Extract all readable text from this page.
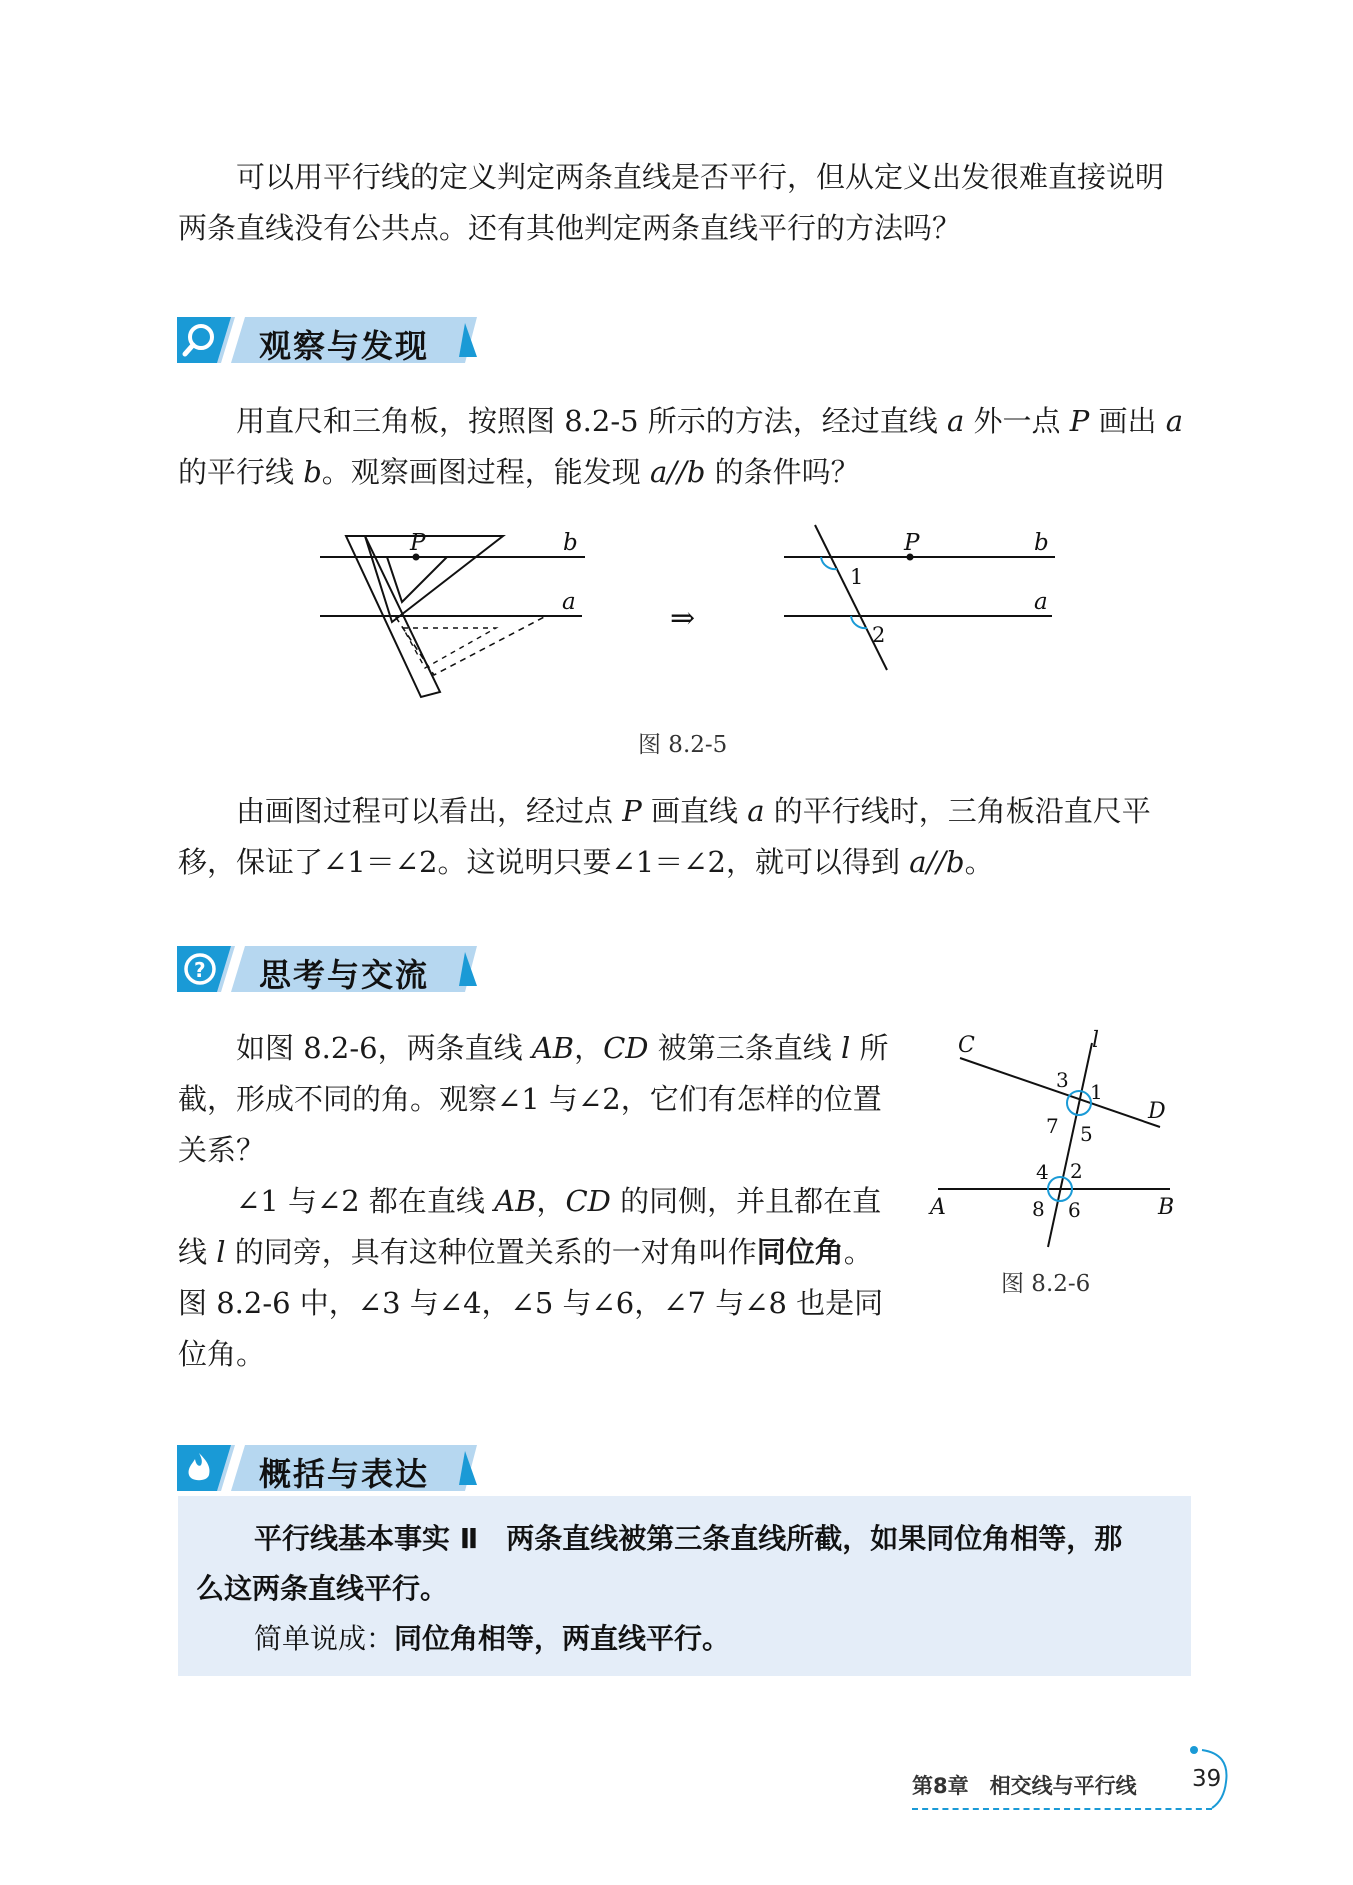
可以用平行线的定义判定两条直线是否平行，但从定义出发很难直接说明
两条直线没有公共点。还有其他判定两条直线平行的方法吗？
观察与发现
用直尺和三角板，按照图 8.2-5 所示的方法，经过直线 a 外一点 P 画出 a
的平行线 b。观察画图过程，能发现 a//b 的条件吗？
P	b
a	⇒
P	b
a
1
2
图 8.2-5
由画图过程可以看出，经过点 P 画直线 a 的平行线时，三角板沿直尺平
移，保证了∠1＝∠2。这说明只要∠1＝∠2，就可以得到 a//b。
? 思考与交流
如图 8.2-6，两条直线 AB，CD 被第三条直线 l 所
截，形成不同的角。观察∠1 与∠2，它们有怎样的位置
关系？
∠1 与∠2 都在直线 AB，CD 的同侧，并且都在直
线 l 的同旁，具有这种位置关系的一对角叫作同位角。
图 8.2-6 中，∠3 与∠4，∠5 与∠6，∠7 与∠8 也是同
位角。
l
C
D
A	B
3 1
7 5
4 2
8 6
图 8.2-6
概括与表达
平行线基本事实 Ⅱ　 两条直线被第三条直线所截，如果同位角相等，那
么这两条直线平行。
简单说成：同位角相等，两直线平行。
第8章　相交线与平行线 39
